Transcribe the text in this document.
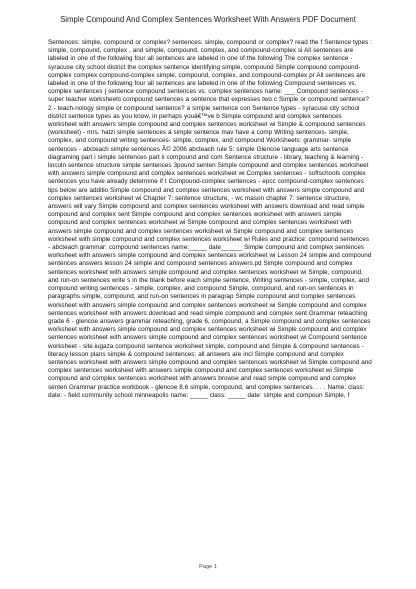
Simple Compound And Complex Sentences Worksheet With Answers PDF Document
Sentences: simple, compound or complex? sentences: simple, compound or complex? read the f Sentence types : simple, compound, complex , and simple, compound, complex, and compound-complex si All sentences are labeled in one of the following four all sentences are labeled in one of the following The complex sentence - syracuse city school district the complex sentence identifying simple, compound Simple compound compound-complex complex compound-complex simple, compound, complex, and compound-complex pr All sentences are labeled in one of the following four all sentences are labeled in one of the following Compound sentences vs. complex sentences | sentence compound sentences vs. complex sentences name: ___ Compound sentences - super teacher worksheets compound sentences a sentence that expresses two c Simple or compound sentence? 2 - teach-nology simple or compound sentence? a simple sentence con Sentence types - syracuse city school district sentence types as you know, in perhaps youâ€™ve b Simple compound and complex sentences worksheet with answers simple compound and complex sentences worksheet wi Simple & compound sentences (worksheet) - mrs. hatzi simple sentences a simple sentence mav have a comp Writing sentences- simple, complex, and compound writing sentences- simple, complex, and compound Worksheets: grammar- simple sentences - abcteach simple sentences Â© 2006 abcteach rule 5: simple Glencoe language arts sentence diagraming part i simple sentences part ii compound and com Sentence structure - library, teaching & learning - lincoln sentence structure simple sentences 3pound senten Simple compound and complex sentences worksheet with answers simple compound and complex sentences worksheet wi Complex sentences - softschools complex sentences you have already determine if t Compound-complex sentences - epcc compound-complex sentences tips below are additio Simple compound and complex sentences worksheet with answers simple compound and complex sentences worksheet wi Chapter 7: sentence structure, - wc mason chapter 7: sentence structure, answers will vary Simple compound and complex sentences worksheet with answers download and read simple compound and complex sent Simple compound and complex sentences worksheet with answers simple compound and complex sentences worksheet wi Simple compound and complex sentences worksheet with answers simple compound and complex sentences worksheet wi Simple compound and complex sentences worksheet with simple compound and complex sentences worksheet wi Rules and practice: compound sentences - abcteach grammar: compound sentences name:_____ date______ Simple compound and complex sentences worksheet with answers simple compound and complex sentences worksheet wi Lesson 24 simple and compound sentences answers lesson 24 simple and compound sentences answers.pd Simple compound and complex sentences worksheet with answers simple compound and complex sentences worksheet wi Simple, compound, and run-on sentences write s in the blank before each simple sentence, Writing sentences - simple, complex, and compound writing sentences - simple, complex, and compound Simple, compound, and run-on sentences in paragraphs simple, compound, and run-on sentences in paragrap Simple compound and complex sentences worksheet with answers simple compound and complex sentences worksheet wi Simple compound and complex sentences worksheet with answers download and read simple compound and complex sent Grammar reteaching grade 6 - glencoe answers grammar reteaching, grade 6, compound, a Simple compound and complex sentences worksheet with answers simple compound and complex sentences worksheet wi Simple compound and complex sentences worksheet with answers simple compound and complex sentences worksheet wi Compound sentence worksheet - site.iugaza compound sentence worksheet simple, compound and Simple & compound sentences - literacy lesson plans simple & compound sentences: all answers are incl Simple compound and complex sentences worksheet with answers simple compound and complex sentences worksheet wi Simple compound and complex sentences worksheet with answers simple compound and complex sentences worksheet wi Simple compound and complex sentences worksheet with answers browse and read simple compound and complex senten Grammar practice workbook - glencoe 8.6 simple, compound, and complex sentences. . . . Name: class: date: - field community school minneapolis name: _____ class: _____ date: simple and compoun Simple, f
Page 1
